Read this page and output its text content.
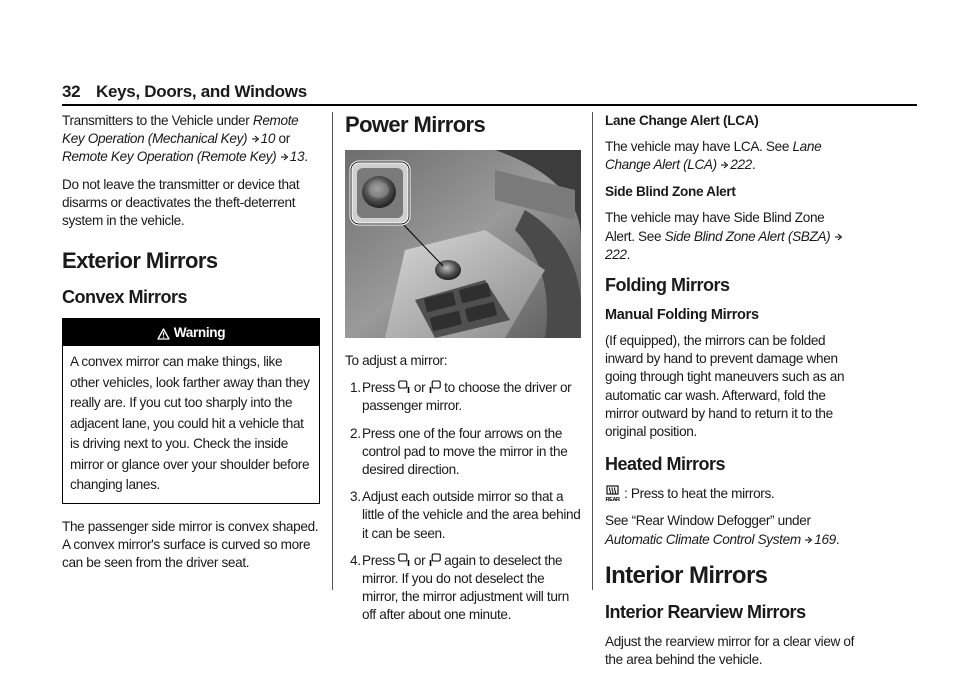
32 Keys, Doors, and Windows

Transmitters to the Vehicle under Remote Key Operation (Mechanical Key) 10 or Remote Key Operation (Remote Key) 13.

Do not leave the transmitter or device that disarms or deactivates the theft-deterrent system in the vehicle.

Exterior Mirrors
Convex Mirrors
Warning
A convex mirror can make things, like other vehicles, look farther away than they really are. If you cut too sharply into the adjacent lane, you could hit a vehicle that is driving next to you. Check the inside mirror or glance over your shoulder before changing lanes.

The passenger side mirror is convex shaped. A convex mirror's surface is curved so more can be seen from the driver seat.

Power Mirrors

To adjust a mirror:

1. Press or to choose the driver or passenger mirror.
2. Press one of the four arrows on the control pad to move the mirror in the desired direction.
3. Adjust each outside mirror so that a little of the vehicle and the area behind it can be seen.
4. Press or again to deselect the mirror. If you do not deselect the mirror, the mirror adjustment will turn off after about one minute.
Lane Change Alert (LCA)

The vehicle may have LCA. See Lane Change Alert (LCA) 222.

Side Blind Zone Alert

The vehicle may have Side Blind Zone Alert. See Side Blind Zone Alert (SBZA) 222.

Folding Mirrors
Manual Folding Mirrors

(If equipped), the mirrors can be folded inward by hand to prevent damage when going through tight maneuvers such as an automatic car wash. Afterward, fold the mirror outward by hand to return it to the original position.

Heated Mirrors
REAR : Press to heat the mirrors.

See “Rear Window Defogger” under
Automatic Climate Control System 169.

Interior Mirrors
Interior Rearview Mirrors

Adjust the rearview mirror for a clear view of the area behind the vehicle.
